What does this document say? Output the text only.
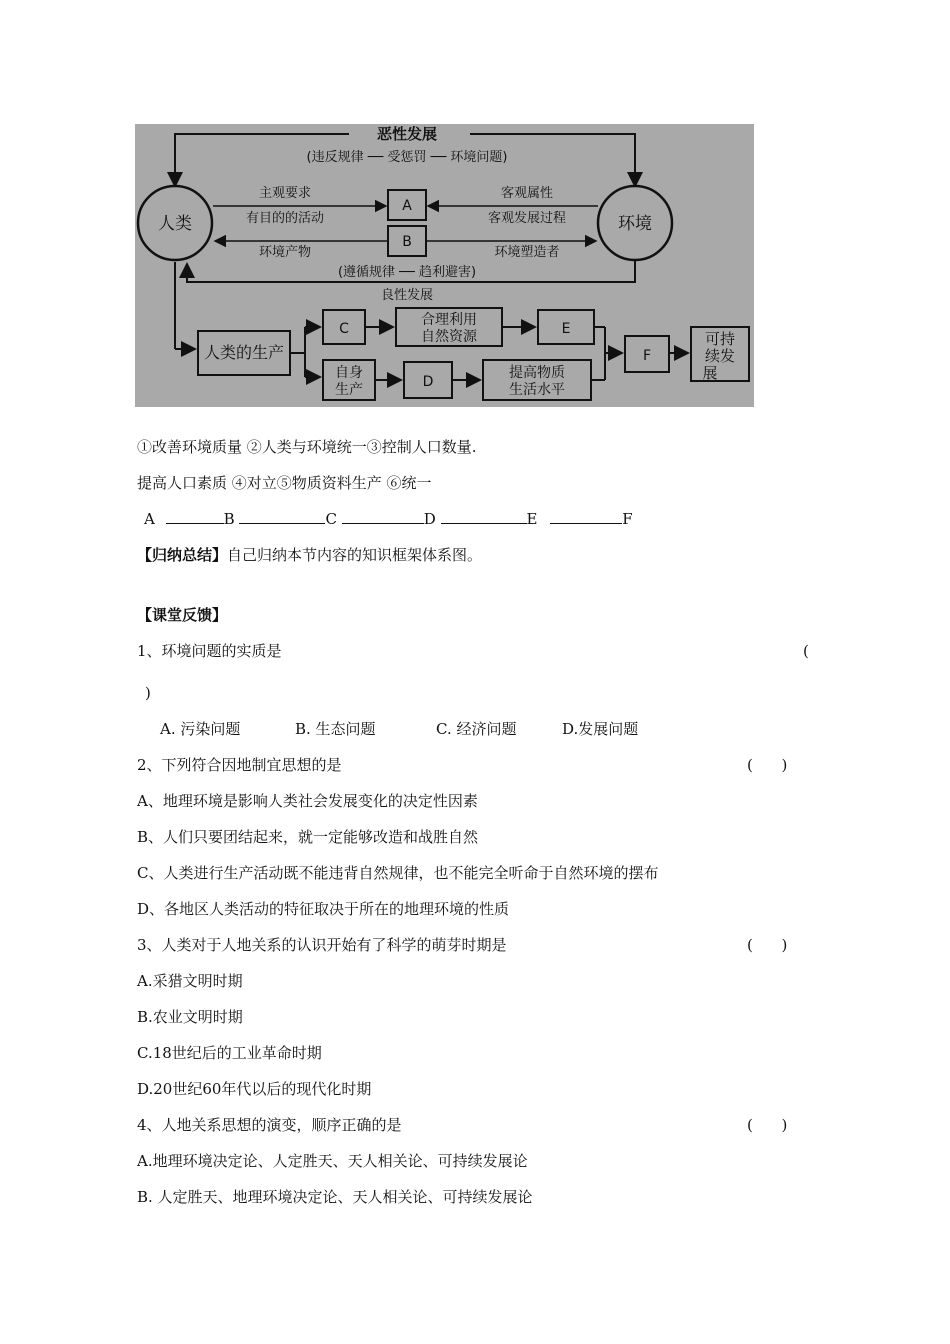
恶性发展
(违反规律 ── 受惩罚 ── 环境问题)
人类	环境
A
B
主观要求
有目的的活动
环境产物
客观属性
客观发展过程
环境塑造者
(遵循规律 ── 趋利避害)
良性发展
人类的生产
C
合理利用
自然资源	E
自身
生产	D
提高物质
生活水平
F
可持
续发
展
①改善环境质量 ②人类与环境统一③控制人口数量.
提高人口素质 ④对立⑤物质资料生产 ⑥统一
A	B	C	D	E	F
【归纳总结】自己归纳本节内容的知识框架体系图。
【课堂反馈】
1、环境问题的实质是	(
)
A. 污染问题	B. 生态问题	C. 经济问题	D.发展问题
2、下列符合因地制宜思想的是	(      )
A、地理环境是影响人类社会发展变化的决定性因素
B、人们只要团结起来，就一定能够改造和战胜自然
C、人类进行生产活动既不能违背自然规律，也不能完全听命于自然环境的摆布
D、各地区人类活动的特征取决于所在的地理环境的性质
3、人类对于人地关系的认识开始有了科学的萌芽时期是	(      )
A.采猎文明时期
B.农业文明时期
C.18世纪后的工业革命时期
D.20世纪60年代以后的现代化时期
4、人地关系思想的演变，顺序正确的是	(      )
A.地理环境决定论、人定胜天、天人相关论、可持续发展论
B. 人定胜天、地理环境决定论、天人相关论、可持续发展论
